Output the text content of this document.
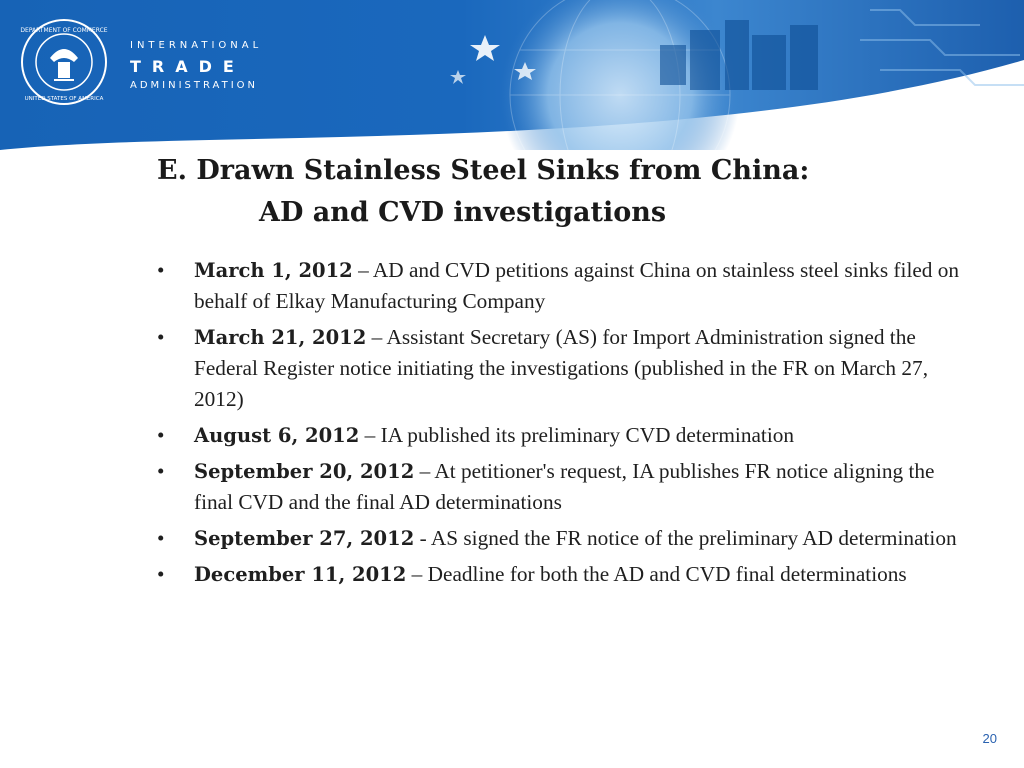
DEPARTMENT OF COMMERCE
UNITED STATES OF AMERICA
INTERNATIONAL
TRADE
ADMINISTRATION
E. Drawn Stainless Steel Sinks from China:
AD and CVD investigations
• March 1, 2012 – AD and CVD petitions against China on stainless steel sinks filed on behalf of Elkay Manufacturing Company
• March 21, 2012 – Assistant Secretary (AS) for Import Administration signed the Federal Register notice initiating the investigations (published in the FR on March 27, 2012)
• August 6, 2012 – IA published its preliminary CVD determination
• September 20, 2012 – At petitioner's request, IA publishes FR notice aligning the final CVD and the final AD determinations
• September 27, 2012 - AS signed the FR notice of the preliminary AD determination
• December 11, 2012 – Deadline for both the AD and CVD final determinations
20
